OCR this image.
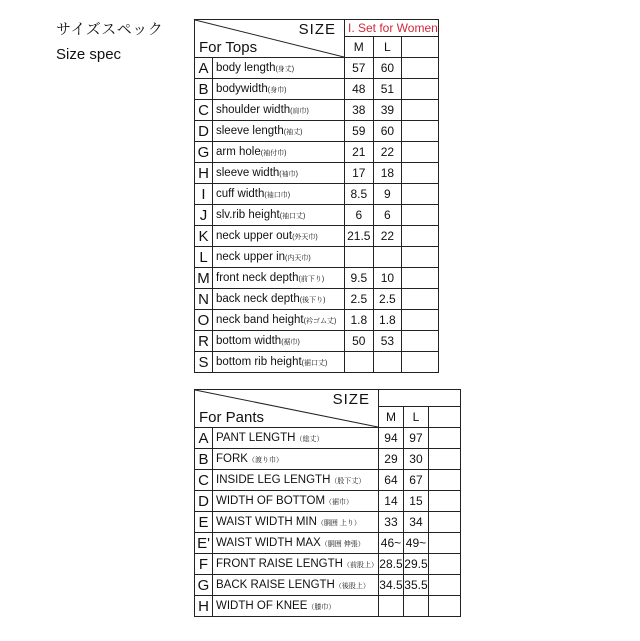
サイズスペック
Size spec
SIZE
For Tops		I. Set for Women		
		M	L	
A	body length(身丈)	57	60	
B	bodywidth(身巾)	48	51	
C	shoulder width(肩巾)	38	39	
D	sleeve length(袖丈)	59	60	
G	arm hole(袖付巾)	21	22	
H	sleeve width(袖巾)	17	18	
I	cuff width(袖口巾)	8.5	9	
J	slv.rib height(袖口丈)	6	6	
K	neck upper out(外天巾)	21.5	22	
L	neck upper in(内天巾)			
M	front neck depth(前下り)	9.5	10	
N	back neck depth(後下り)	2.5	2.5	
O	neck band height(衿ゴム丈)	1.8	1.8	
R	bottom width(裾巾)	50	53	
S	bottom rib height(裾口丈)			
SIZE
For Pants				

		M	L	
A	PANT LENGTH（総丈）	94	97	
B	FORK（渡り巾）	29	30	
C	INSIDE LEG LENGTH（股下丈）	64	67	
D	WIDTH OF BOTTOM（裾巾）	14	15	
E	WAIST WIDTH MIN（胴囲 上り）	33	34	
E'	WAIST WIDTH MAX（胴囲 伸張）	46~	49~	
F	FRONT RAISE LENGTH（前股上）	28.5	29.5	
G	BACK RAISE LENGTH（後股上）	34.5	35.5	
H	WIDTH OF KNEE（膝巾）			
